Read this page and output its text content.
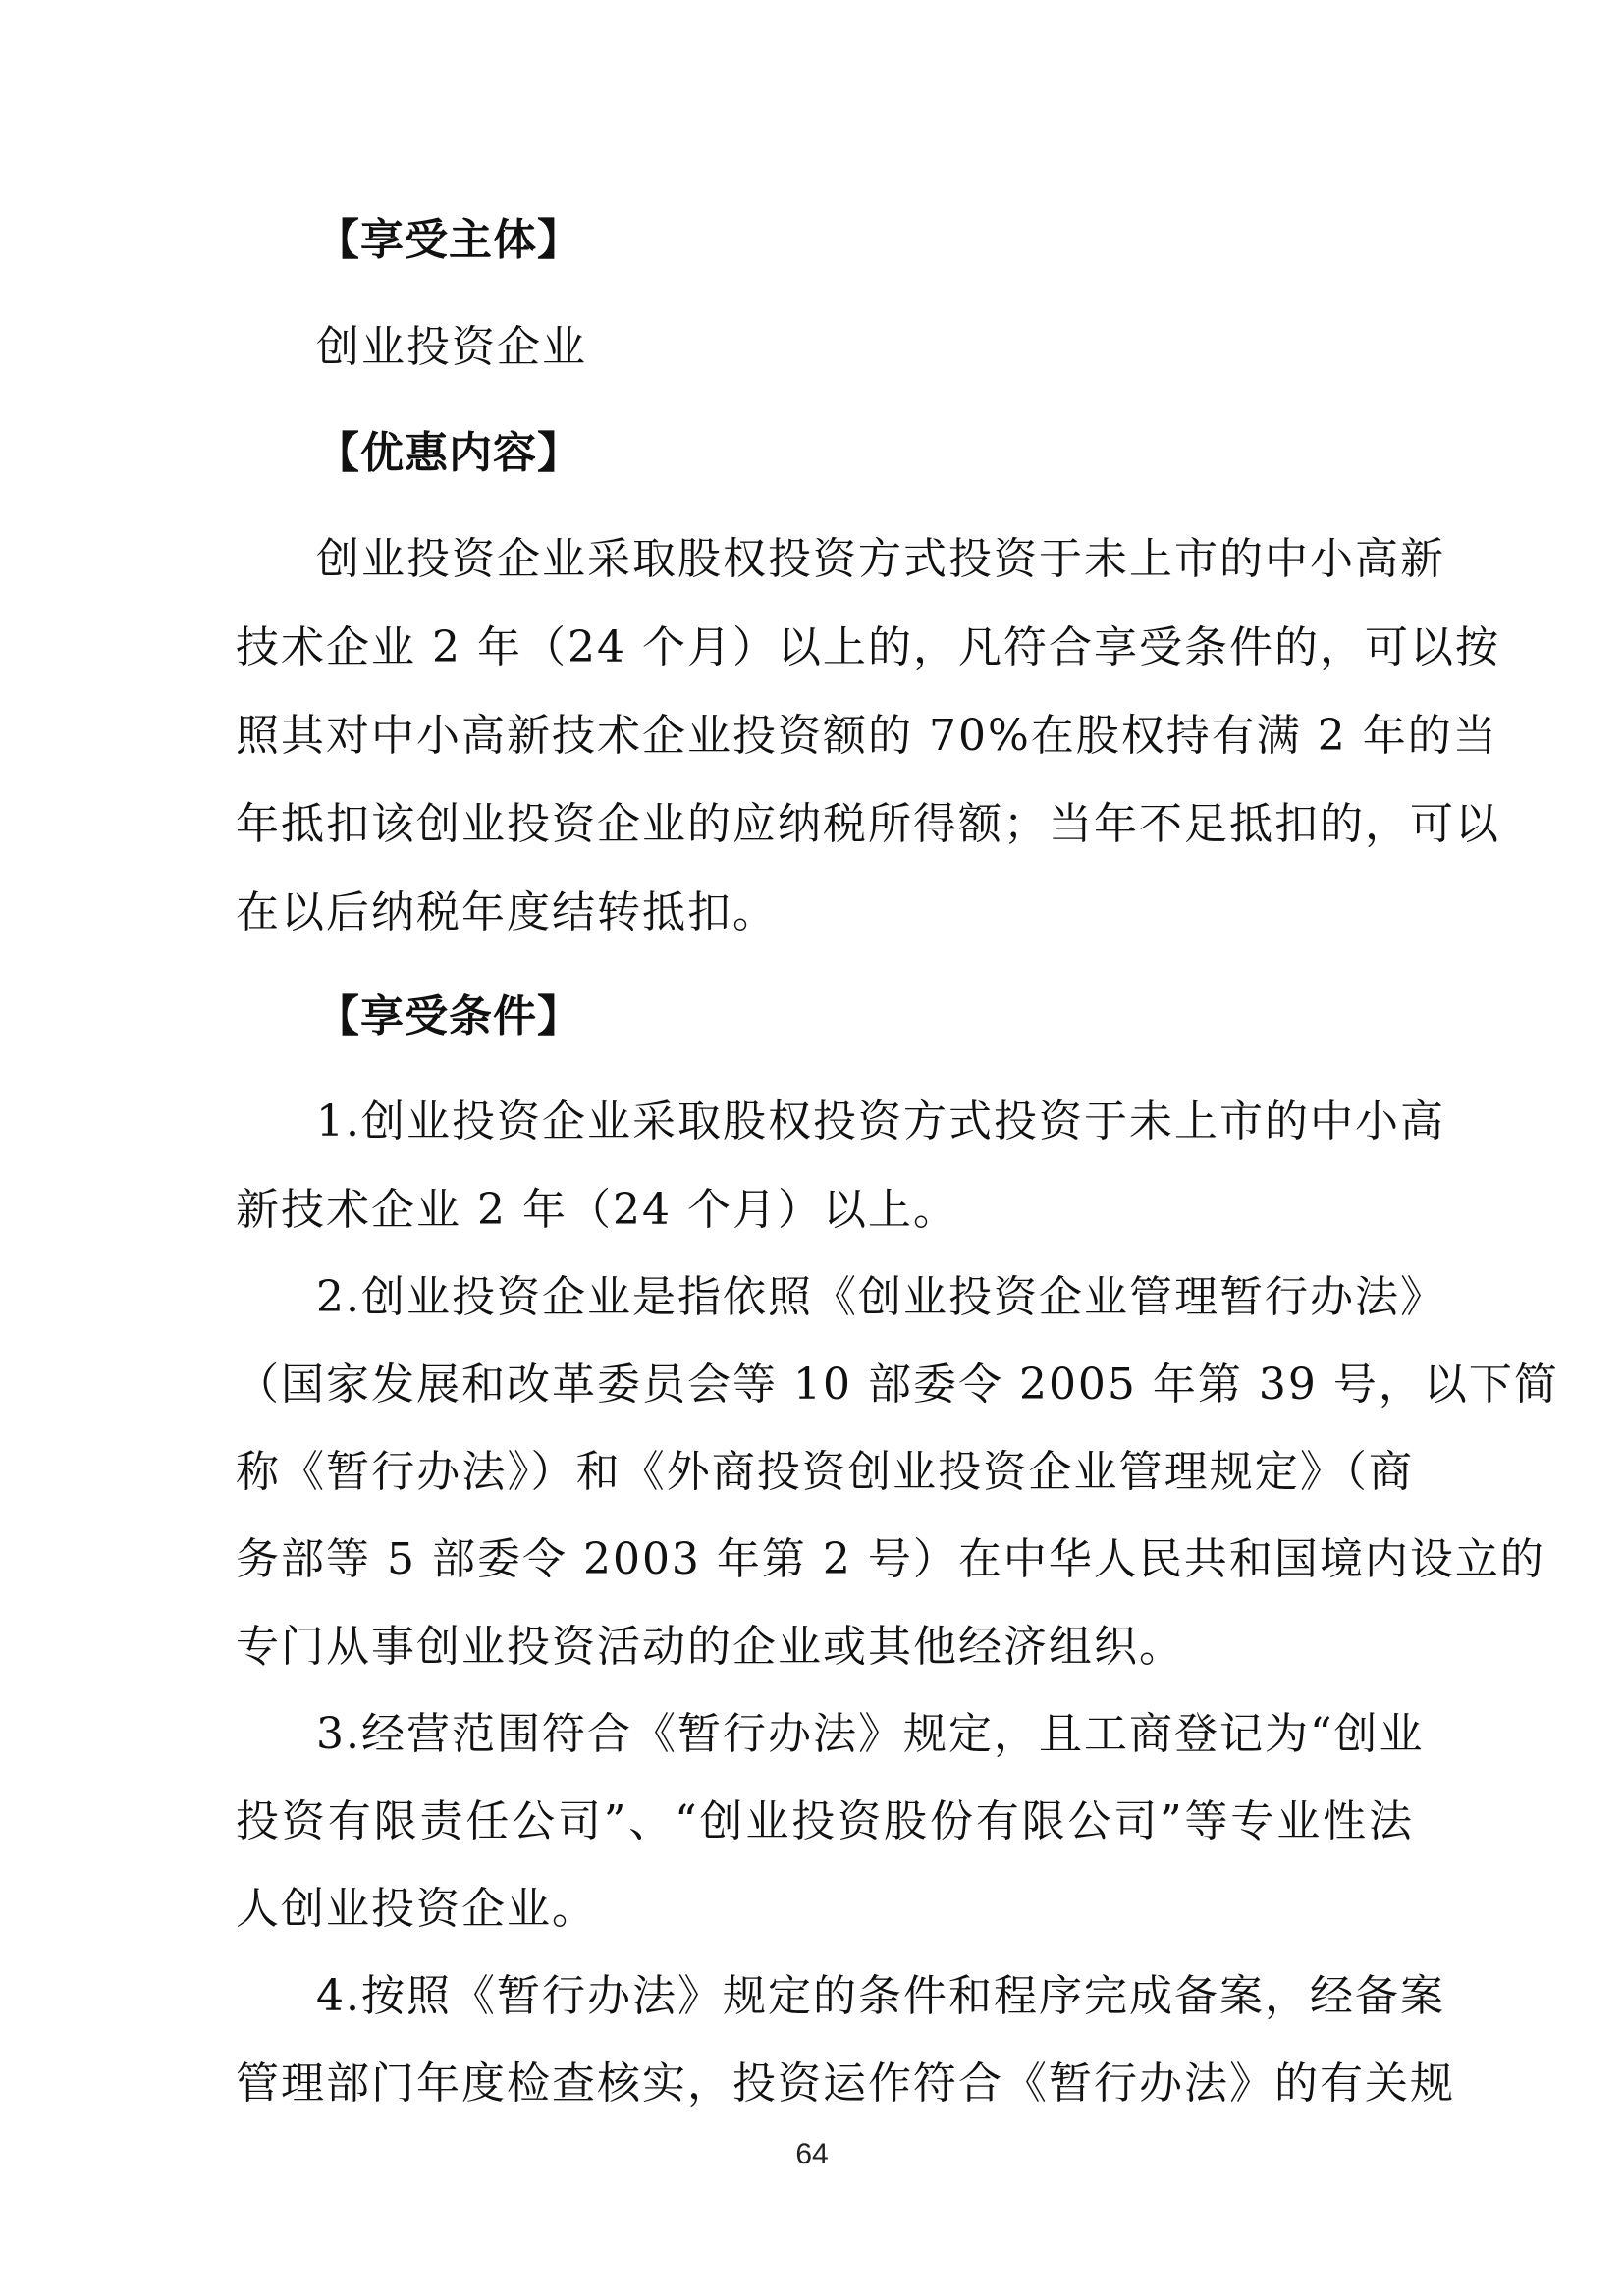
【享受主体】
创业投资企业
【优惠内容】
创业投资企业采取股权投资方式投资于未上市的中小高新
技术企业 2 年（24 个月）以上的，凡符合享受条件的，可以按
照其对中小高新技术企业投资额的 70%在股权持有满 2 年的当
年抵扣该创业投资企业的应纳税所得额；当年不足抵扣的，可以
在以后纳税年度结转抵扣。
【享受条件】
1.创业投资企业采取股权投资方式投资于未上市的中小高
新技术企业 2 年（24 个月）以上。
2.创业投资企业是指依照《创业投资企业管理暂行办法》
（国家发展和改革委员会等 10 部委令 2005 年第 39 号，以下简
称《暂行办法》）和《外商投资创业投资企业管理规定》（商
务部等 5 部委令 2003 年第 2 号）在中华人民共和国境内设立的
专门从事创业投资活动的企业或其他经济组织。
3.经营范围符合《暂行办法》规定，且工商登记为“创业
投资有限责任公司”、“创业投资股份有限公司”等专业性法
人创业投资企业。
4.按照《暂行办法》规定的条件和程序完成备案，经备案
管理部门年度检查核实，投资运作符合《暂行办法》的有关规
64
